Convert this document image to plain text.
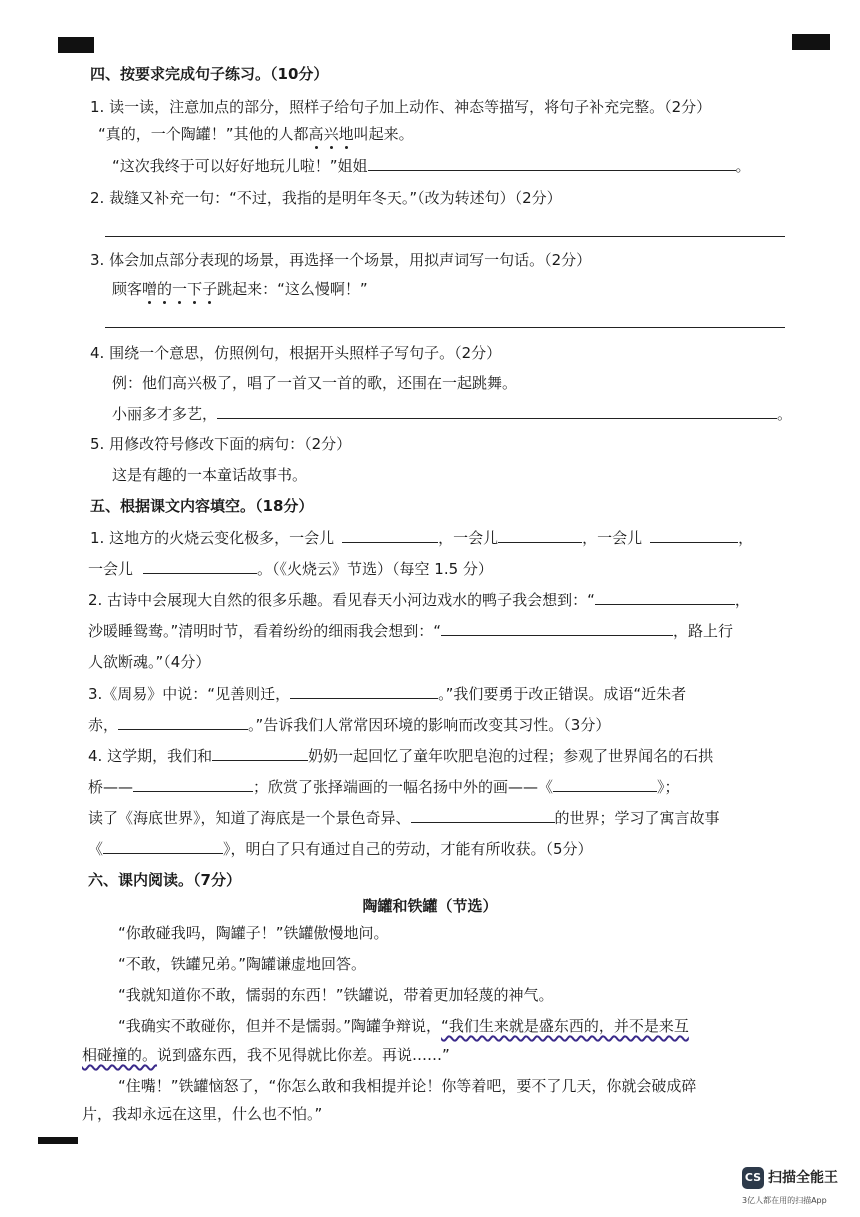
四、按要求完成句子练习。（10分）
1. 读一读，注意加点的部分，照样子给句子加上动作、神态等描写，将句子补充完整。（2分）
“真的，一个陶罐！”其他的人都高兴地叫起来。
“这次我终于可以好好地玩儿啦！”姐姐	。
2. 裁缝又补充一句：“不过，我指的是明年冬天。”（改为转述句）（2分）
3. 体会加点部分表现的场景，再选择一个场景，用拟声词写一句话。（2分）
顾客噌的一下子跳起来：“这么慢啊！”
4. 围绕一个意思，仿照例句，根据开头照样子写句子。（2分）
例：他们高兴极了，唱了一首又一首的歌，还围在一起跳舞。
小丽多才多艺，	。
5. 用修改符号修改下面的病句：（2分）
这是有趣的一本童话故事书。
五、根据课文内容填空。（18分）
1. 这地方的火烧云变化极多，一会儿	，一会儿	，一会儿	，
一会儿	。（《火烧云》节选）（每空 1.5 分）
2. 古诗中会展现大自然的很多乐趣。看见春天小河边戏水的鸭子我会想到：“	，
沙暖睡鸳鸯。”清明时节，看着纷纷的细雨我会想到：“	，路上行
人欲断魂。”（4分）
3.《周易》中说：“见善则迁，	。”我们要勇于改正错误。成语“近朱者
赤，	。”告诉我们人常常因环境的影响而改变其习性。（3分）
4. 这学期，我们和	奶奶一起回忆了童年吹肥皂泡的过程；参观了世界闻名的石拱
桥——	；欣赏了张择端画的一幅名扬中外的画——《	》；
读了《海底世界》，知道了海底是一个景色奇异、	的世界；学习了寓言故事
《	》，明白了只有通过自己的劳动，才能有所收获。（5分）
六、课内阅读。（7分）
陶罐和铁罐（节选）
“你敢碰我吗，陶罐子！”铁罐傲慢地问。
“不敢，铁罐兄弟。”陶罐谦虚地回答。
“我就知道你不敢，懦弱的东西！”铁罐说，带着更加轻蔑的神气。
“我确实不敢碰你，但并不是懦弱。”陶罐争辩说，“我们生来就是盛东西的，并不是来互
相碰撞的。说到盛东西，我不见得就比你差。再说……”
“住嘴！”铁罐恼怒了，“你怎么敢和我相提并论！你等着吧，要不了几天，你就会破成碎
片，我却永远在这里，什么也不怕。”
CS 扫描全能王
3亿人都在用的扫描App
